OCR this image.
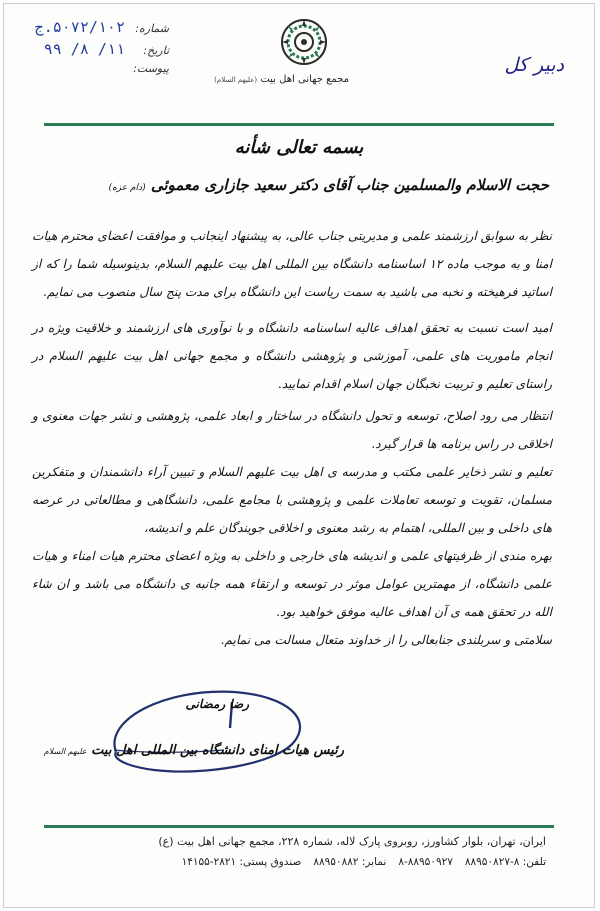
شماره:
۵۰۷۲/۱۰۲.ج
تاریخ:
۱۱/ ۸/ ۹۹
پیوست:
مجمع جهانی اهل بیت (علیهم السلام)
دبیر کل
بسمه تعالی شأنه
حجت الاسلام والمسلمین جناب آقای دکتر سعید جازاری معموئی (دام عزه)

نظر به سوابق ارزشمند علمی و مدیریتی جناب عالی، به پیشنهاد اینجانب و موافقت اعضای محترم هیات امنا و به موجب ماده ۱۲ اساسنامه دانشگاه بین المللی اهل بیت علیهم السلام، بدینوسیله شما را که از اساتید فرهیخته و نخبه می باشید به سمت ریاست این دانشگاه برای مدت پنج سال منصوب می نمایم.

امید است نسبت به تحقق اهداف عالیه اساسنامه دانشگاه و با نوآوری های ارزشمند و خلاقیت ویژه در انجام ماموریت های علمی، آموزشی و پژوهشی دانشگاه و مجمع جهانی اهل بیت علیهم السلام در راستای تعلیم و تربیت نخبگان جهان اسلام اقدام نمایید.

انتظار می رود اصلاح، توسعه و تحول دانشگاه در ساختار و ابعاد علمی، پژوهشی و نشر جهات معنوی و اخلاقی در راس برنامه ها قرار گیرد.

تعلیم و نشر ذخایر علمی مکتب و مدرسه ی اهل بیت علیهم السلام و تبیین آراء دانشمندان و متفکرین مسلمان، تقویت و توسعه تعاملات علمی و پژوهشی با مجامع علمی، دانشگاهی و مطالعاتی در عرصه های داخلی و بین المللی، اهتمام به رشد معنوی و اخلاقی جویندگان علم و اندیشه،

بهره مندی از ظرفیتهای علمی و اندیشه های خارجی و داخلی به ویژه اعضای محترم هیات امناء و هیات علمی دانشگاه، از مهمترین عوامل موثر در توسعه و ارتقاء همه جانبه ی دانشگاه می باشد و ان شاء الله در تحقق همه ی آن اهداف عالیه موفق خواهید بود.

سلامتی و سربلندی جنابعالی را از خداوند متعال مسالت می نمایم.

رضا رمضانی
رئیس هیات امنای دانشگاه بین المللی اهل بیت علیهم السلام
ایران، تهران، بلوار کشاورز، روبروی پارک لاله، شماره ۲۲۸، مجمع جهانی اهل بیت (ع)
تلفن: ۸-۸۸۹۵۰۸۲۷
۸-۸۸۹۵۰۹۲۷
نمابر: ۸۸۹۵۰۸۸۲
صندوق پستی: ۲۸۲۱-۱۴۱۵۵
